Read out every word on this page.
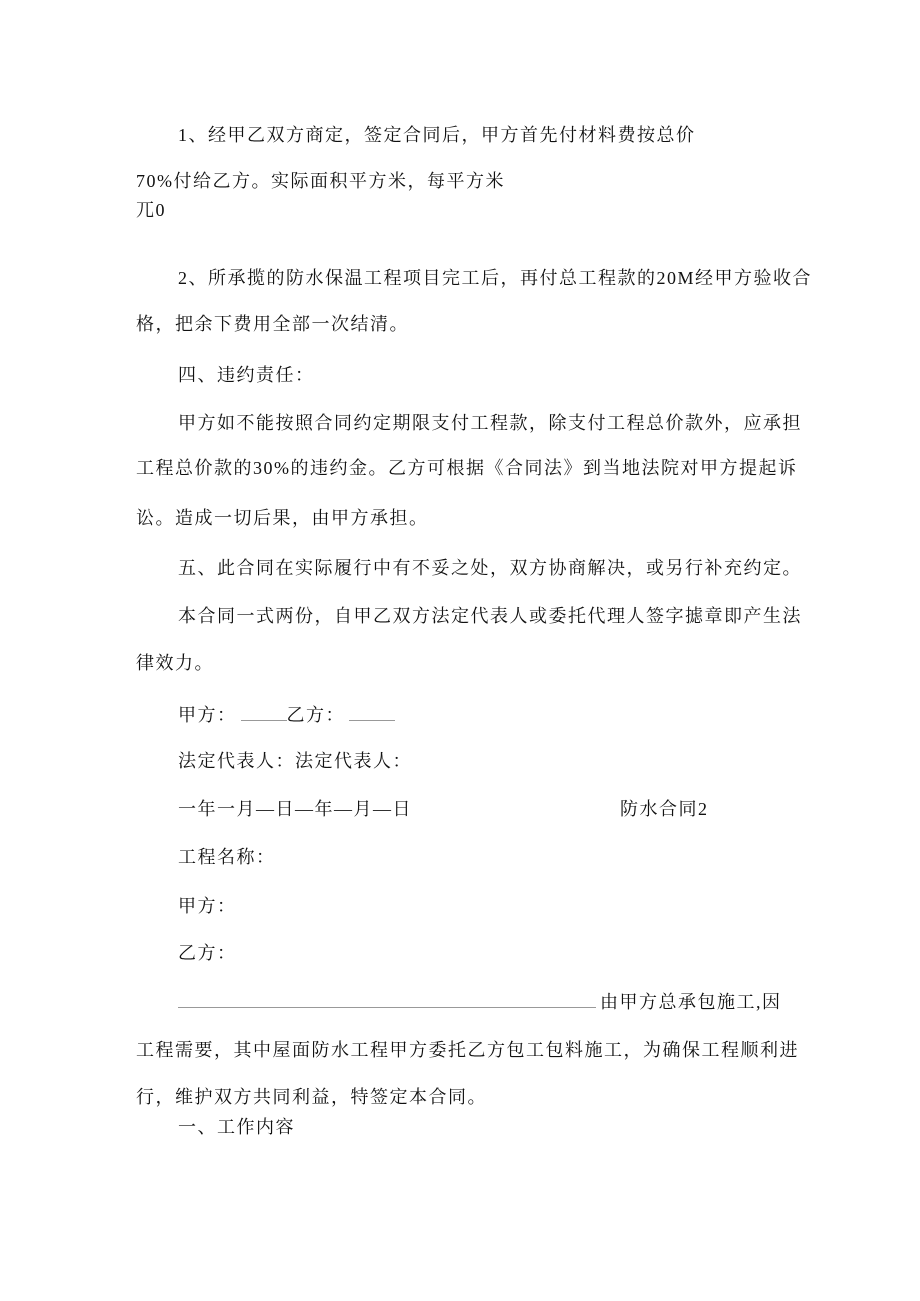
1、经甲乙双方商定，签定合同后，甲方首先付材料费按总价
70%付给乙方。实际面积平方米，每平方米
兀0
2、所承揽的防水保温工程项目完工后，再付总工程款的20M经甲方验收合
格，把余下费用全部一次结清。
四、违约责任：
甲方如不能按照合同约定期限支付工程款，除支付工程总价款外，应承担
工程总价款的30%的违约金。乙方可根据《合同法》到当地法院对甲方提起诉
讼。造成一切后果，由甲方承担。
五、此合同在实际履行中有不妥之处，双方协商解决，或另行补充约定。
本合同一式两份，自甲乙双方法定代表人或委托代理人签字摅章即产生法
律效力。
甲方：	乙方：
法定代表人：法定代表人：
一年一月—日—年—月—日	防水合同2
工程名称：
甲方：
乙方：
由甲方总承包施工,因
工程需要，其中屋面防水工程甲方委托乙方包工包料施工，为确保工程顺利进
行，维护双方共同利益，特签定本合同。
一、工作内容
